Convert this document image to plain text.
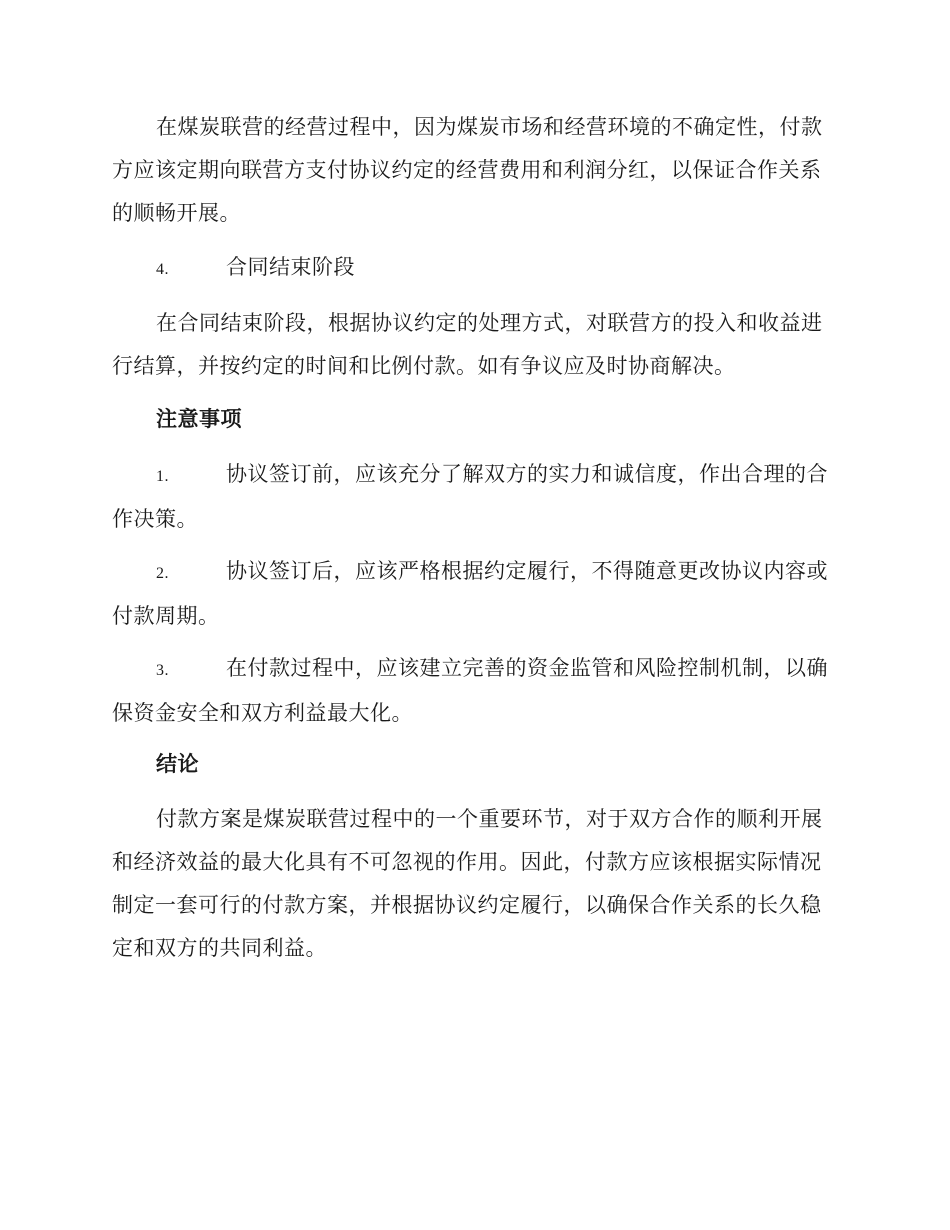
在煤炭联营的经营过程中，因为煤炭市场和经营环境的不确定性，付款方应该定期向联营方支付协议约定的经营费用和利润分红，以保证合作关系的顺畅开展。

4.	合同结束阶段

在合同结束阶段，根据协议约定的处理方式，对联营方的投入和收益进行结算，并按约定的时间和比例付款。如有争议应及时协商解决。

注意事项

1.	协议签订前，应该充分了解双方的实力和诚信度，作出合理的合作决策。

2.	协议签订后，应该严格根据约定履行，不得随意更改协议内容或付款周期。

3.	在付款过程中，应该建立完善的资金监管和风险控制机制，以确保资金安全和双方利益最大化。

结论

付款方案是煤炭联营过程中的一个重要环节，对于双方合作的顺利开展和经济效益的最大化具有不可忽视的作用。因此，付款方应该根据实际情况制定一套可行的付款方案，并根据协议约定履行，以确保合作关系的长久稳定和双方的共同利益。
